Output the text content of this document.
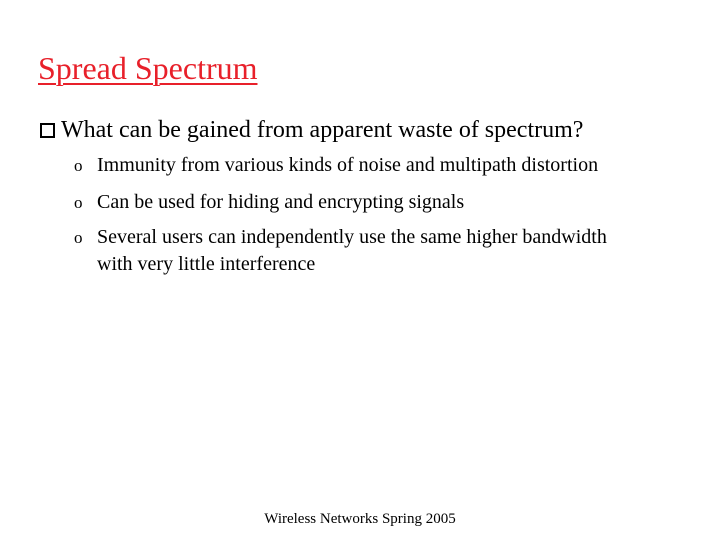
Spread Spectrum
What can be gained from apparent waste of spectrum?
o Immunity from various kinds of noise and multipath distortion
o Can be used for hiding and encrypting signals
o Several users can independently use the same higher bandwidth with very little interference
Wireless Networks Spring 2005
